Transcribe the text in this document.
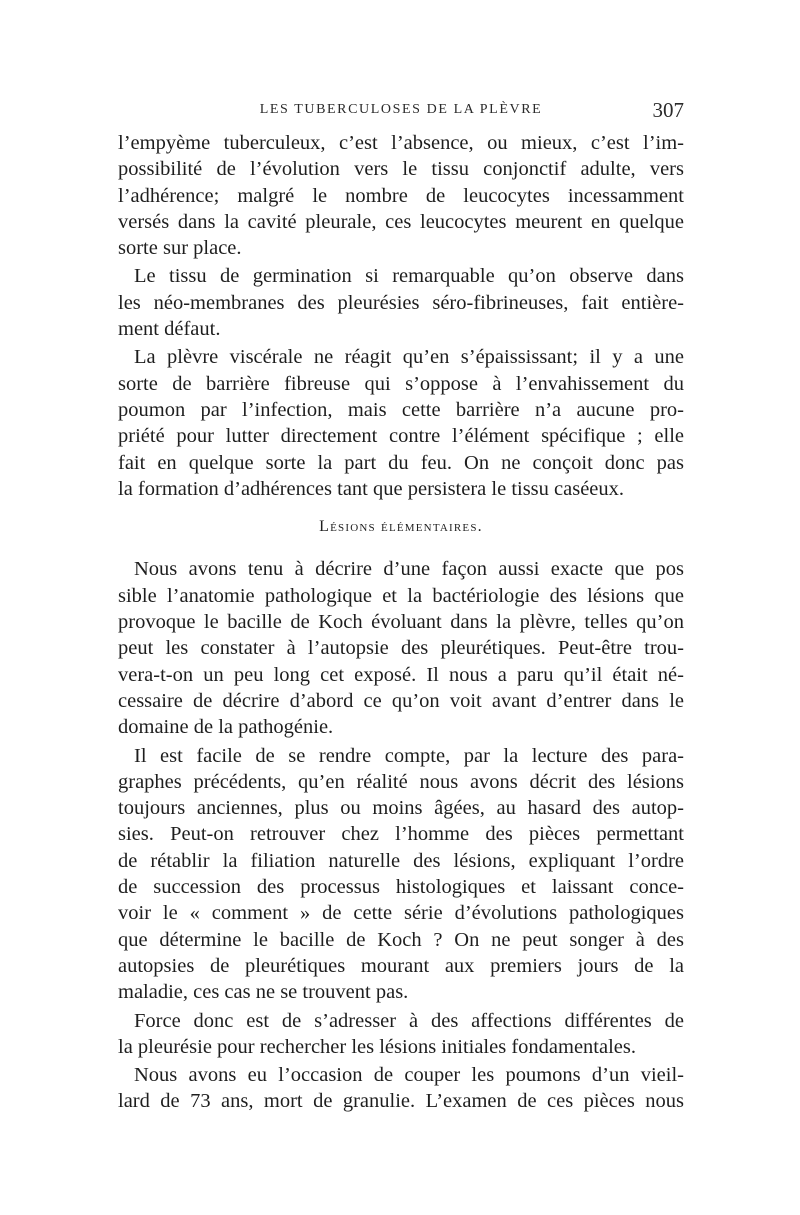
LES TUBERCULOSES DE LA PLÈVRE	307
l’empyème tuberculeux, c’est l’absence, ou mieux, c’est l’im-
possibilité de l’évolution vers le tissu conjonctif adulte, vers
l’adhérence; malgré le nombre de leucocytes incessamment
versés dans la cavité pleurale, ces leucocytes meurent en quelque
sorte sur place.
Le tissu de germination si remarquable qu’on observe dans
les néo-membranes des pleurésies séro-fibrineuses, fait entière-
ment défaut.
La plèvre viscérale ne réagit qu’en s’épaississant; il y a une
sorte de barrière fibreuse qui s’oppose à l’envahissement du
poumon par l’infection, mais cette barrière n’a aucune pro-
priété pour lutter directement contre l’élément spécifique ; elle
fait en quelque sorte la part du feu. On ne conçoit donc pas
la formation d’adhérences tant que persistera le tissu caséeux.
Lésions élémentaires.
Nous avons tenu à décrire d’une façon aussi exacte que pos
sible l’anatomie pathologique et la bactériologie des lésions que
provoque le bacille de Koch évoluant dans la plèvre, telles qu’on
peut les constater à l’autopsie des pleurétiques. Peut-être trou-
vera-t-on un peu long cet exposé. Il nous a paru qu’il était né-
cessaire de décrire d’abord ce qu’on voit avant d’entrer dans le
domaine de la pathogénie.
Il est facile de se rendre compte, par la lecture des para-
graphes précédents, qu’en réalité nous avons décrit des lésions
toujours anciennes, plus ou moins âgées, au hasard des autop-
sies. Peut-on retrouver chez l’homme des pièces permettant
de rétablir la filiation naturelle des lésions, expliquant l’ordre
de succession des processus histologiques et laissant conce-
voir le « comment » de cette série d’évolutions pathologiques
que détermine le bacille de Koch ? On ne peut songer à des
autopsies de pleurétiques mourant aux premiers jours de la
maladie, ces cas ne se trouvent pas.
Force donc est de s’adresser à des affections différentes de
la pleurésie pour rechercher les lésions initiales fondamentales.
Nous avons eu l’occasion de couper les poumons d’un vieil-
lard de 73 ans, mort de granulie. L’examen de ces pièces nous
